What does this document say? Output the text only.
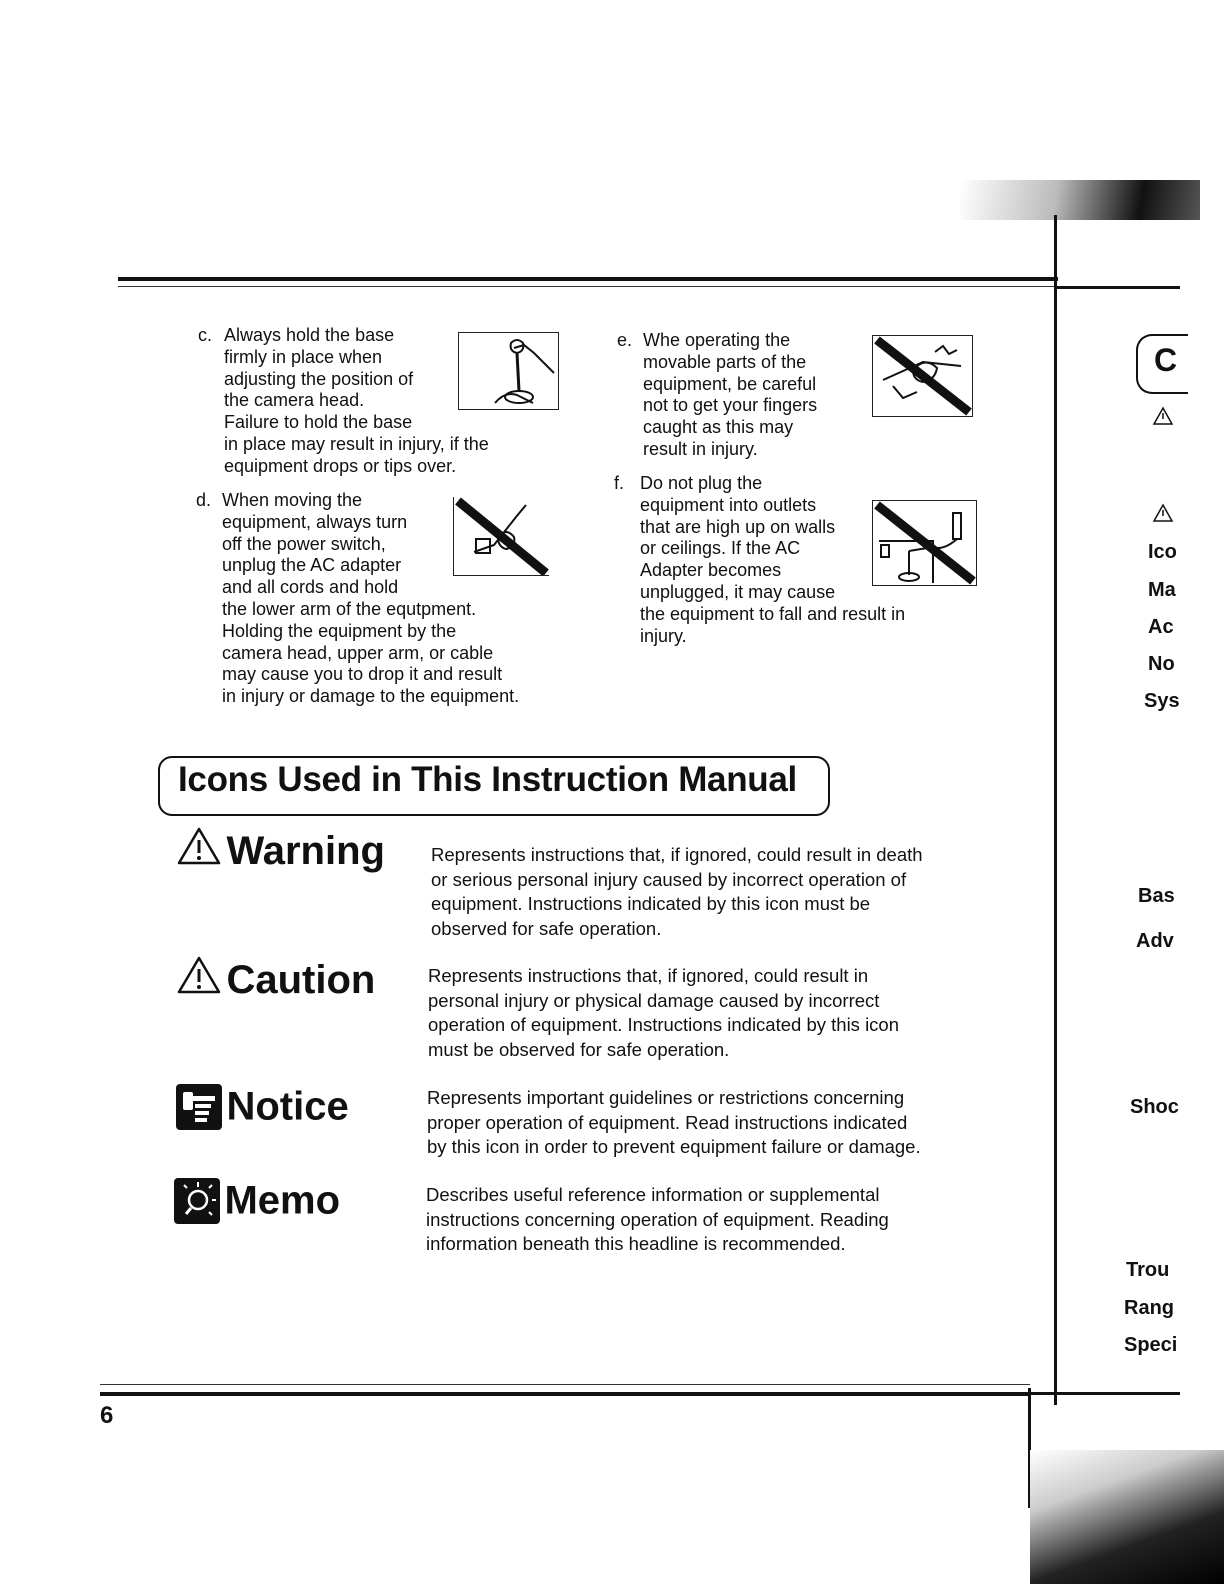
c. Always hold the base
firmly in place when
adjusting the position of
the camera head.
Failure to hold the base
in place may result in injury, if the
equipment drops or tips over.
d. When moving the
equipment, always turn
off the power switch,
unplug the AC adapter
and all cords and hold
the lower arm of the equtpment.
Holding the equipment by the
camera head, upper arm, or cable
may cause you to drop it and result
in injury or damage to the equipment.
e. Whe operating the
movable parts of the
equipment, be careful
not to get your fingers
caught as this may
result in injury.
f. Do not plug the
equipment into outlets
that are high up on walls
or ceilings. If the AC
Adapter becomes
unplugged, it may cause
the equipment to fall and result in
injury.
Icons Used in This Instruction Manual
Warning Represents instructions that, if ignored, could result in death
or serious personal injury caused by incorrect operation of
equipment. Instructions indicated by this icon must be
observed for safe operation.
Caution	Represents instructions that, if ignored, could result in
personal injury or physical damage caused by incorrect
operation of equipment. Instructions indicated by this icon
must be observed for safe operation.
Notice	Represents important guidelines or restrictions concerning
proper operation of equipment. Read instructions indicated
by this icon in order to prevent equipment failure or damage.
Memo	Describes useful reference information or supplemental
instructions concerning operation of equipment. Reading
information beneath this headline is recommended.
C
Ico
Ma
Ac
No
Sys
Bas
Adv
Shoc
Trou
Rang
Speci
6
